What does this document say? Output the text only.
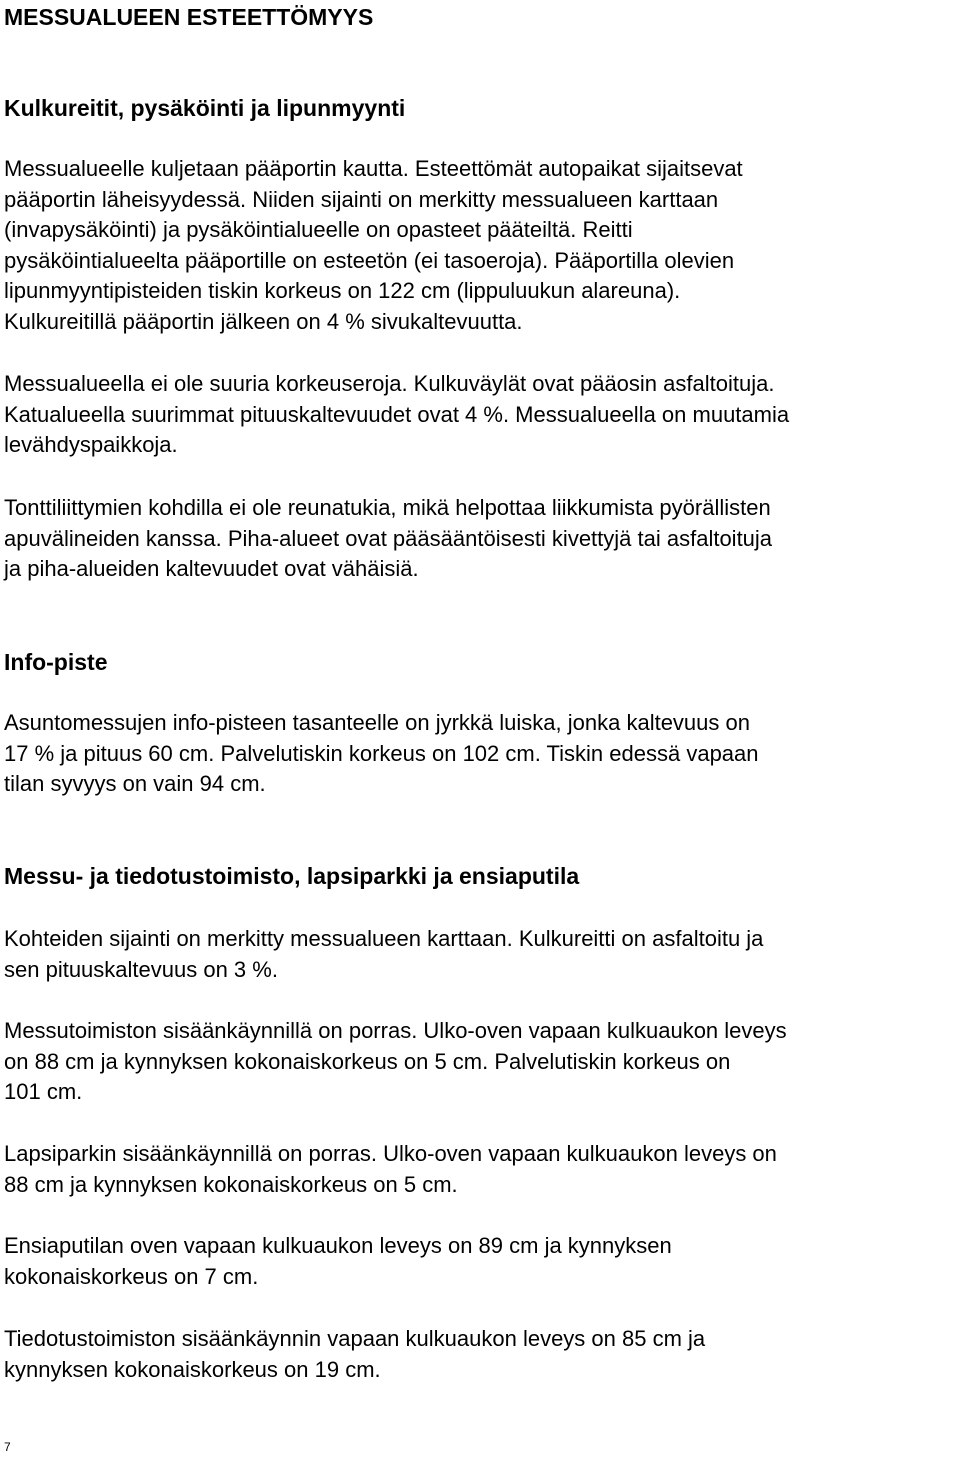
MESSUALUEEN ESTEETTÖMYYS
Kulkureitit, pysäköinti ja lipunmyynti

Messualueelle kuljetaan pääportin kautta. Esteettömät autopaikat sijaitsevat
pääportin läheisyydessä. Niiden sijainti on merkitty messualueen karttaan
(invapysäköinti) ja pysäköintialueelle on opasteet pääteiltä. Reitti
pysäköintialueelta pääportille on esteetön (ei tasoeroja). Pääportilla olevien
lipunmyyntipisteiden tiskin korkeus on 122 cm (lippuluukun alareuna).
Kulkureitillä pääportin jälkeen on 4 % sivukaltevuutta.

Messualueella ei ole suuria korkeuseroja. Kulkuväylät ovat pääosin asfaltoituja.
Katualueella suurimmat pituuskaltevuudet ovat 4 %. Messualueella on muutamia
levähdyspaikkoja.

Tonttiliittymien kohdilla ei ole reunatukia, mikä helpottaa liikkumista pyörällisten
apuvälineiden kanssa. Piha-alueet ovat pääsääntöisesti kivettyjä tai asfaltoituja
ja piha-alueiden kaltevuudet ovat vähäisiä.

Info-piste

Asuntomessujen info-pisteen tasanteelle on jyrkkä luiska, jonka kaltevuus on
17 % ja pituus 60 cm. Palvelutiskin korkeus on 102 cm. Tiskin edessä vapaan
tilan syvyys on vain 94 cm.

Messu- ja tiedotustoimisto, lapsiparkki ja ensiaputila

Kohteiden sijainti on merkitty messualueen karttaan. Kulkureitti on asfaltoitu ja
sen pituuskaltevuus on 3 %.

Messutoimiston sisäänkäynnillä on porras. Ulko-oven vapaan kulkuaukon leveys
on 88 cm ja kynnyksen kokonaiskorkeus on 5 cm. Palvelutiskin korkeus on
101 cm.

Lapsiparkin sisäänkäynnillä on porras. Ulko-oven vapaan kulkuaukon leveys on
88 cm ja kynnyksen kokonaiskorkeus on 5 cm.

Ensiaputilan oven vapaan kulkuaukon leveys on 89 cm ja kynnyksen
kokonaiskorkeus on 7 cm.

Tiedotustoimiston sisäänkäynnin vapaan kulkuaukon leveys on 85 cm ja
kynnyksen kokonaiskorkeus on 19 cm.

7
